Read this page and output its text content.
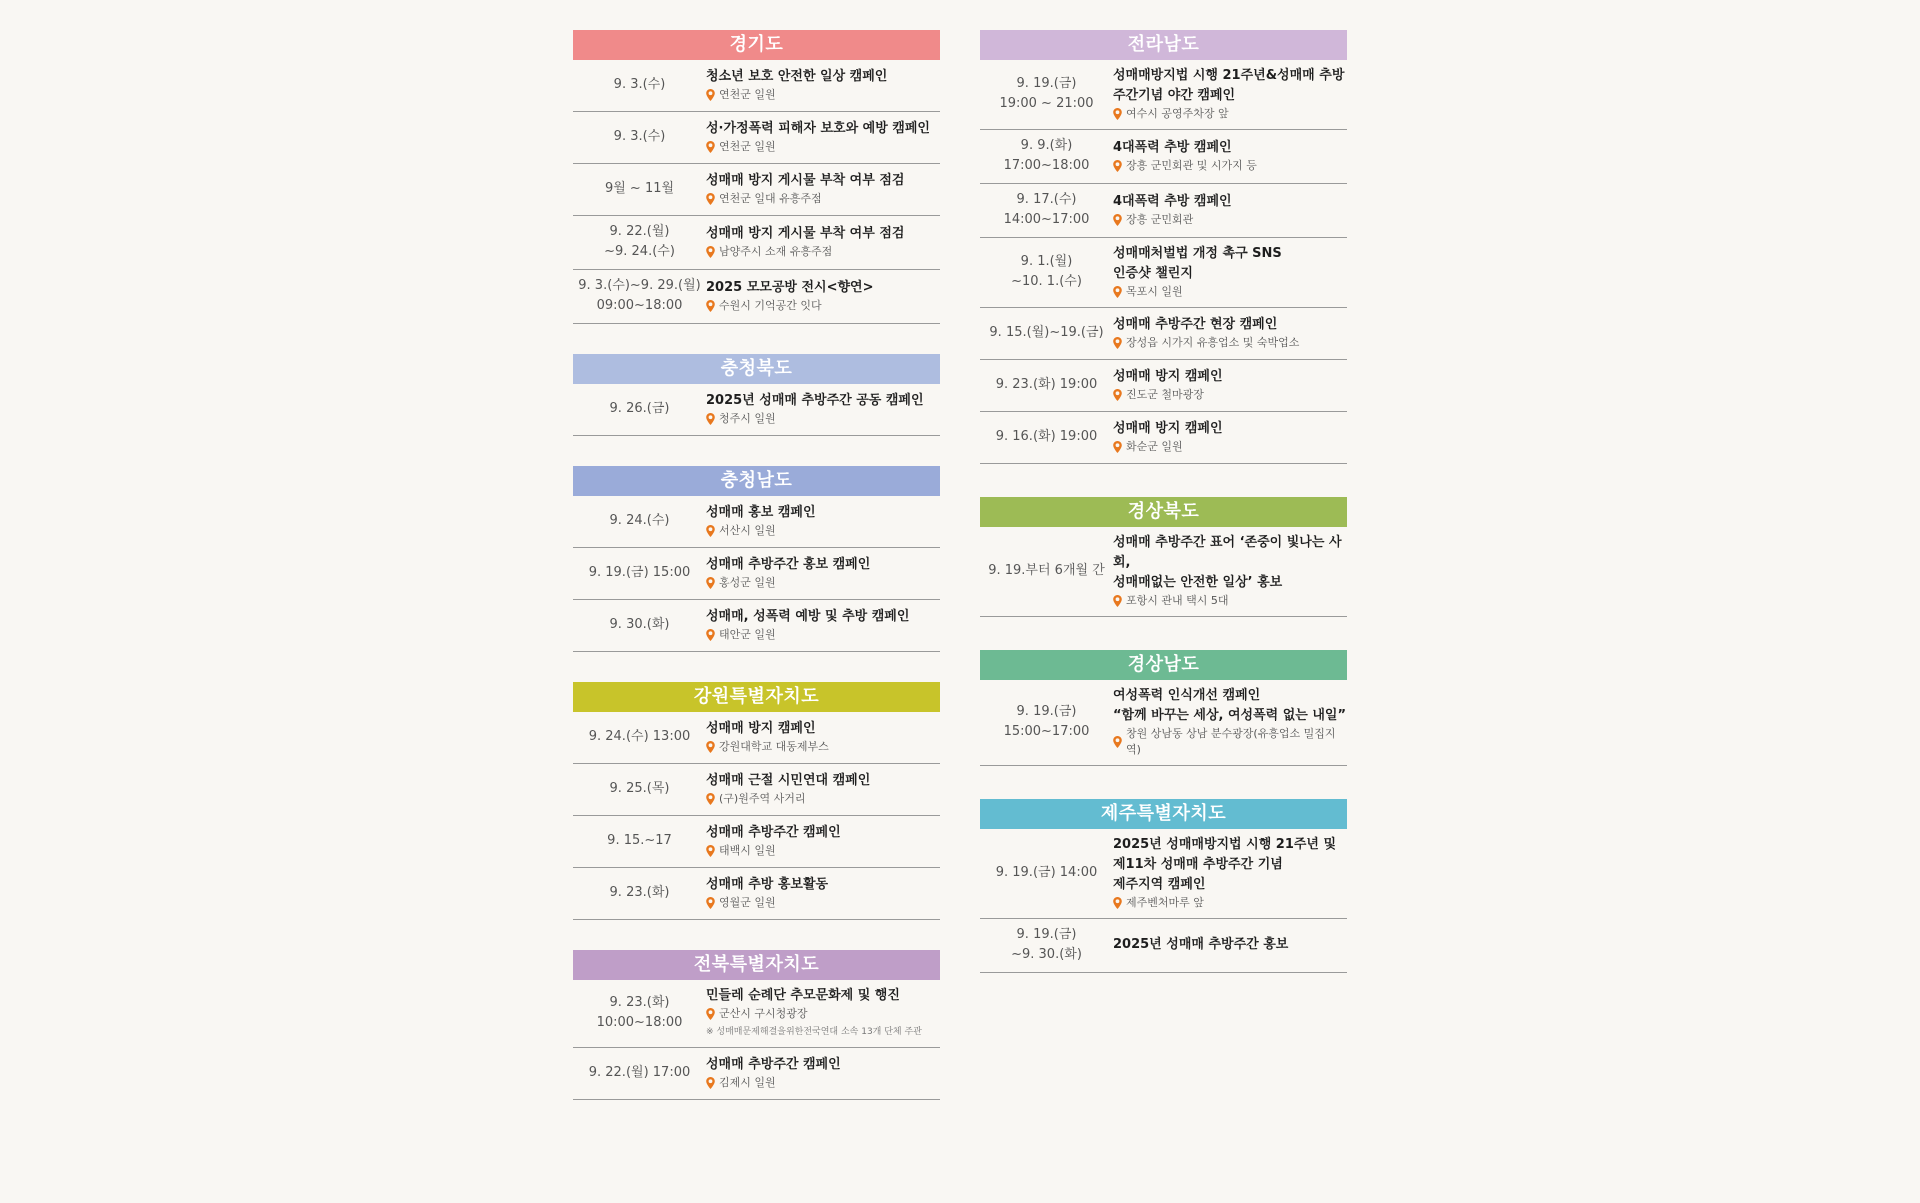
경기도
9. 3.(수)
청소년 보호 안전한 일상 캠페인
연천군 일원
9. 3.(수)
성·가정폭력 피해자 보호와 예방 캠페인
연천군 일원
9월 ~ 11월
성매매 방지 게시물 부착 여부 점검
연천군 일대 유흥주점
9. 22.(월)
~9. 24.(수)
성매매 방지 게시물 부착 여부 점검
남양주시 소재 유흥주점
9. 3.(수)~9. 29.(월)
09:00~18:00
2025 모모공방 전시<향연>
수원시 기억공간 잇다
충청북도
9. 26.(금)
2025년 성매매 추방주간 공동 캠페인
청주시 일원
충청남도
9. 24.(수)
성매매 홍보 캠페인
서산시 일원
9. 19.(금) 15:00
성매매 추방주간 홍보 캠페인
홍성군 일원
9. 30.(화)
성매매, 성폭력 예방 및 추방 캠페인
태안군 일원
강원특별자치도
9. 24.(수) 13:00
성매매 방지 캠페인
강원대학교 대동제부스
9. 25.(목)
성매매 근절 시민연대 캠페인
(구)원주역 사거리
9. 15.~17
성매매 추방주간 캠페인
태백시 일원
9. 23.(화)
성매매 추방 홍보활동
영월군 일원
전북특별자치도
9. 23.(화)
10:00~18:00
민들레 순례단 추모문화제 및 행진
군산시 구시청광장
※ 성매매문제해결을위한전국연대 소속 13개 단체 주관
9. 22.(월) 17:00
성매매 추방주간 캠페인
김제시 일원
전라남도
9. 19.(금)
19:00 ~ 21:00
성매매방지법 시행 21주년&성매매 추방
주간기념 야간 캠페인
여수시 공영주차장 앞
9. 9.(화)
17:00~18:00
4대폭력 추방 캠페인
장흥 군민회관 및 시가지 등
9. 17.(수)
14:00~17:00
4대폭력 추방 캠페인
장흥 군민회관
9. 1.(월)
~10. 1.(수)
성매매처벌법 개정 촉구 SNS
인증샷 챌린지
목포시 일원
9. 15.(월)~19.(금)
성매매 추방주간 현장 캠페인
장성읍 시가지 유흥업소 및 숙박업소
9. 23.(화) 19:00
성매매 방지 캠페인
진도군 철마광장
9. 16.(화) 19:00
성매매 방지 캠페인
화순군 일원
경상북도
9. 19.부터 6개월 간
성매매 추방주간 표어 ‘존중이 빛나는 사회,
성매매없는 안전한 일상’ 홍보
포항시 관내 택시 5대
경상남도
9. 19.(금)
15:00~17:00
여성폭력 인식개선 캠페인
“함께 바꾸는 세상, 여성폭력 없는 내일”
창원 상남동 상남 분수광장(유흥업소 밀집지역)
제주특별자치도
9. 19.(금) 14:00
2025년 성매매방지법 시행 21주년 및
제11차 성매매 추방주간 기념
제주지역 캠페인
제주벤처마루 앞
9. 19.(금)
~9. 30.(화)
2025년 성매매 추방주간 홍보
